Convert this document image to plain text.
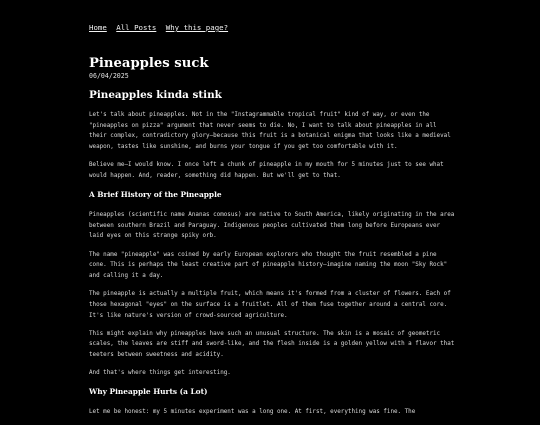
Home All Posts Why this page?
Pineapples suck
06/04/2025
Pineapples kinda stink

Let's talk about pineapples. Not in the "Instagrammable tropical fruit" kind of way, or even the "pineapples on pizza" argument that never seems to die. No, I want to talk about pineapples in all their complex, contradictory glory—because this fruit is a botanical enigma that looks like a medieval weapon, tastes like sunshine, and burns your tongue if you get too comfortable with it.

Believe me—I would know. I once left a chunk of pineapple in my mouth for 5 minutes just to see what would happen. And, reader, something did happen. But we'll get to that.

A Brief History of the Pineapple

Pineapples (scientific name Ananas comosus) are native to South America, likely originating in the area between southern Brazil and Paraguay. Indigenous peoples cultivated them long before Europeans ever laid eyes on this strange spiky orb.

The name "pineapple" was coined by early European explorers who thought the fruit resembled a pine cone. This is perhaps the least creative part of pineapple history—imagine naming the moon "Sky Rock" and calling it a day.

The pineapple is actually a multiple fruit, which means it's formed from a cluster of flowers. Each of those hexagonal "eyes" on the surface is a fruitlet. All of them fuse together around a central core. It's like nature's version of crowd-sourced agriculture.

This might explain why pineapples have such an unusual structure. The skin is a mosaic of geometric scales, the leaves are stiff and sword-like, and the flesh inside is a golden yellow with a flavor that teeters between sweetness and acidity.

And that's where things get interesting.

Why Pineapple Hurts (a Lot)

Let me be honest: my 5 minutes experiment was a long one. At first, everything was fine. The
